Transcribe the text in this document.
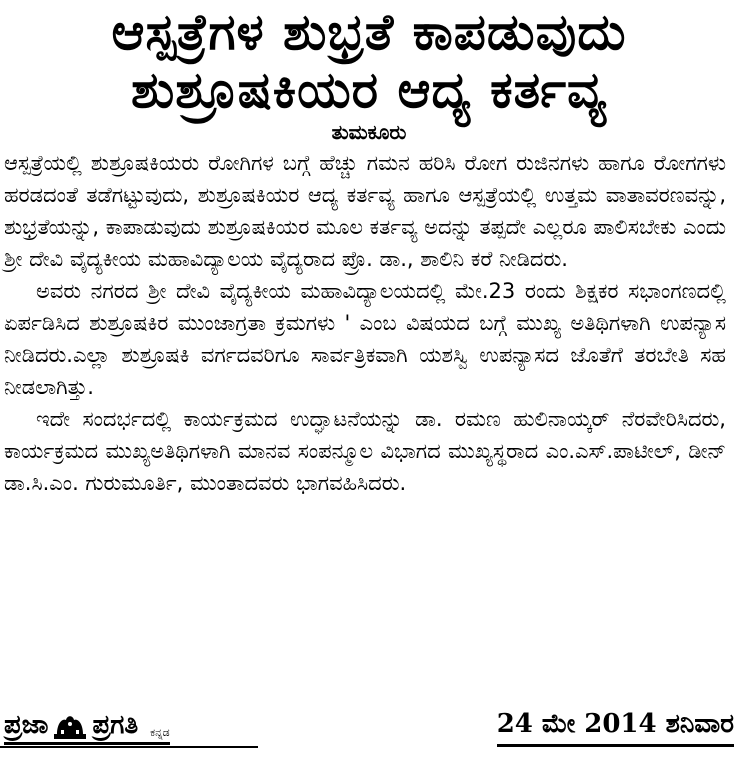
ಆಸ್ಪತ್ರೆಗಳ ಶುಭ್ರತೆ ಕಾಪಡುವುದು
ಶುಶ್ರೂಷಕಿಯರ ಆದ್ಯ ಕರ್ತವ್ಯ
ತುಮಕೂರು

ಆಸ್ಪತ್ರೆಯಲ್ಲಿ ಶುಶ್ರೂಷಕಿಯರು ರೋಗಿಗಳ ಬಗ್ಗೆ ಹೆಚ್ಚು ಗಮನ ಹರಿಸಿ ರೋಗ ರುಜಿನಗಳು ಹಾಗೂ ರೋಗಗಳು ಹರಡದಂತೆ ತಡೆಗಟ್ಟುವುದು, ಶುಶ್ರೂಷಕಿಯರ ಆದ್ಯ ಕರ್ತವ್ಯ ಹಾಗೂ ಆಸ್ಪತ್ರೆಯಲ್ಲಿ ಉತ್ತಮ ವಾತಾವರಣವನ್ನು, ಶುಭ್ರತೆಯನ್ನು, ಕಾಪಾಡುವುದು ಶುಶ್ರೂಷಕಿಯರ ಮೂಲ ಕರ್ತವ್ಯ ಅದನ್ನು ತಪ್ಪದೇ ಎಲ್ಲರೂ ಪಾಲಿಸಬೇಕು ಎಂದು ಶ್ರೀ ದೇವಿ ವೈದ್ಯಕೀಯ ಮಹಾವಿದ್ಯಾಲಯ ವೈದ್ಯರಾದ ಪ್ರೊ. ಡಾ., ಶಾಲಿನಿ ಕರೆ ನೀಡಿದರು.

ಅವರು ನಗರದ ಶ್ರೀ ದೇವಿ ವೈದ್ಯಕೀಯ ಮಹಾವಿದ್ಯಾಲಯದಲ್ಲಿ ಮೇ.23 ರಂದು ಶಿಕ್ಷಕರ ಸಭಾಂಗಣದಲ್ಲಿ ಏರ್ಪಡಿಸಿದ ಶುಶ್ರೂಷಕಿರ ಮುಂಜಾಗ್ರತಾ ಕ್ರಮಗಳು ' ಎಂಬ ವಿಷಯದ ಬಗ್ಗೆ ಮುಖ್ಯ ಅತಿಥಿಗಳಾಗಿ ಉಪನ್ಯಾಸ ನೀಡಿದರು.ಎಲ್ಲಾ ಶುಶ್ರೂಷಕಿ ವರ್ಗದವರಿಗೂ ಸಾರ್ವತ್ರಿಕವಾಗಿ ಯಶಸ್ವಿ ಉಪನ್ಯಾಸದ ಜೊತೆಗೆ ತರಬೇತಿ ಸಹ ನೀಡಲಾಗಿತ್ತು.

ಇದೇ ಸಂದರ್ಭದಲ್ಲಿ ಕಾರ್ಯಕ್ರಮದ ಉದ್ಘಾಟನೆಯನ್ನು ಡಾ. ರಮಣ ಹುಲಿನಾಯ್ಕರ್ ನೆರವೇರಿಸಿದರು, ಕಾರ್ಯಕ್ರಮದ ಮುಖ್ಯಅತಿಥಿಗಳಾಗಿ ಮಾನವ ಸಂಪನ್ಮೂಲ ವಿಭಾಗದ ಮುಖ್ಯಸ್ಥರಾದ ಎಂ.ಎಸ್.ಪಾಟೀಲ್, ಡೀನ್ ಡಾ.ಸಿ.ಎಂ. ಗುರುಮೂರ್ತಿ, ಮುಂತಾದವರು ಭಾಗವಹಿಸಿದರು.

ಪ್ರಜಾ ಪ್ರಗತಿ ಕನ್ನಡ	24 ಮೇ 2014 ಶನಿವಾರ
